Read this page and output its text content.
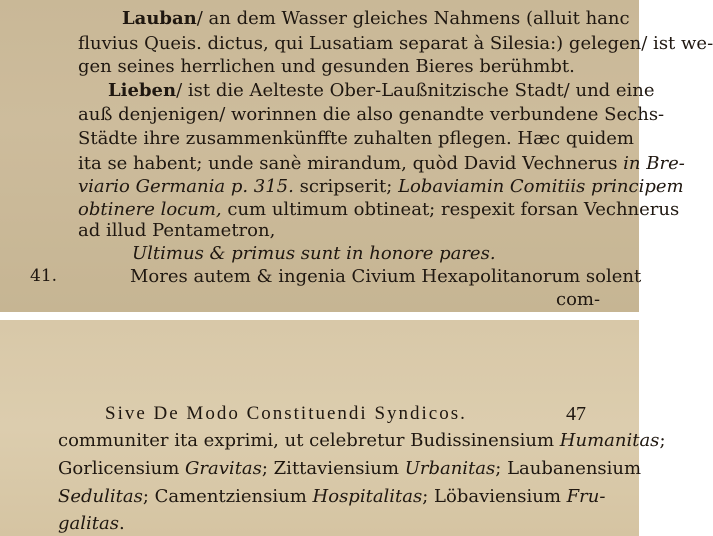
Lauban/ an dem Wasser gleiches Nahmens (alluit hanc
fluvius Queis. dictus, qui Lusatiam separat à Silesia:) gelegen/ ist we-
gen seines herrlichen und gesunden Bieres berühmbt.
Lieben/ ist die Aelteste Ober-Laußnitzische Stadt/ und eine
auß denjenigen/ worinnen die also genandte verbundene Sechs-
Städte ihre zusammenkünffte zuhalten pflegen. Hæc quidem
ita se habent; unde sanè mirandum, quòd David Vechnerus in Bre-
viario Germania p. 315. scripserit; Lobaviamin Comitiis principem
obtinere locum, cum ultimum obtineat; respexit forsan Vechnerus
ad illud Pentametron,
Ultimus & primus sunt in honore pares.
41.	Mores autem & ingenia Civium Hexapolitanorum solent
com-
Sive De Modo Constituendi Syndicos.	47
communiter ita exprimi, ut celebretur Budissinensium Humanitas;
Gorlicensium Gravitas; Zittaviensium Urbanitas; Laubanensium
Sedulitas; Camentziensium Hospitalitas; Löbaviensium Fru-
galitas.
